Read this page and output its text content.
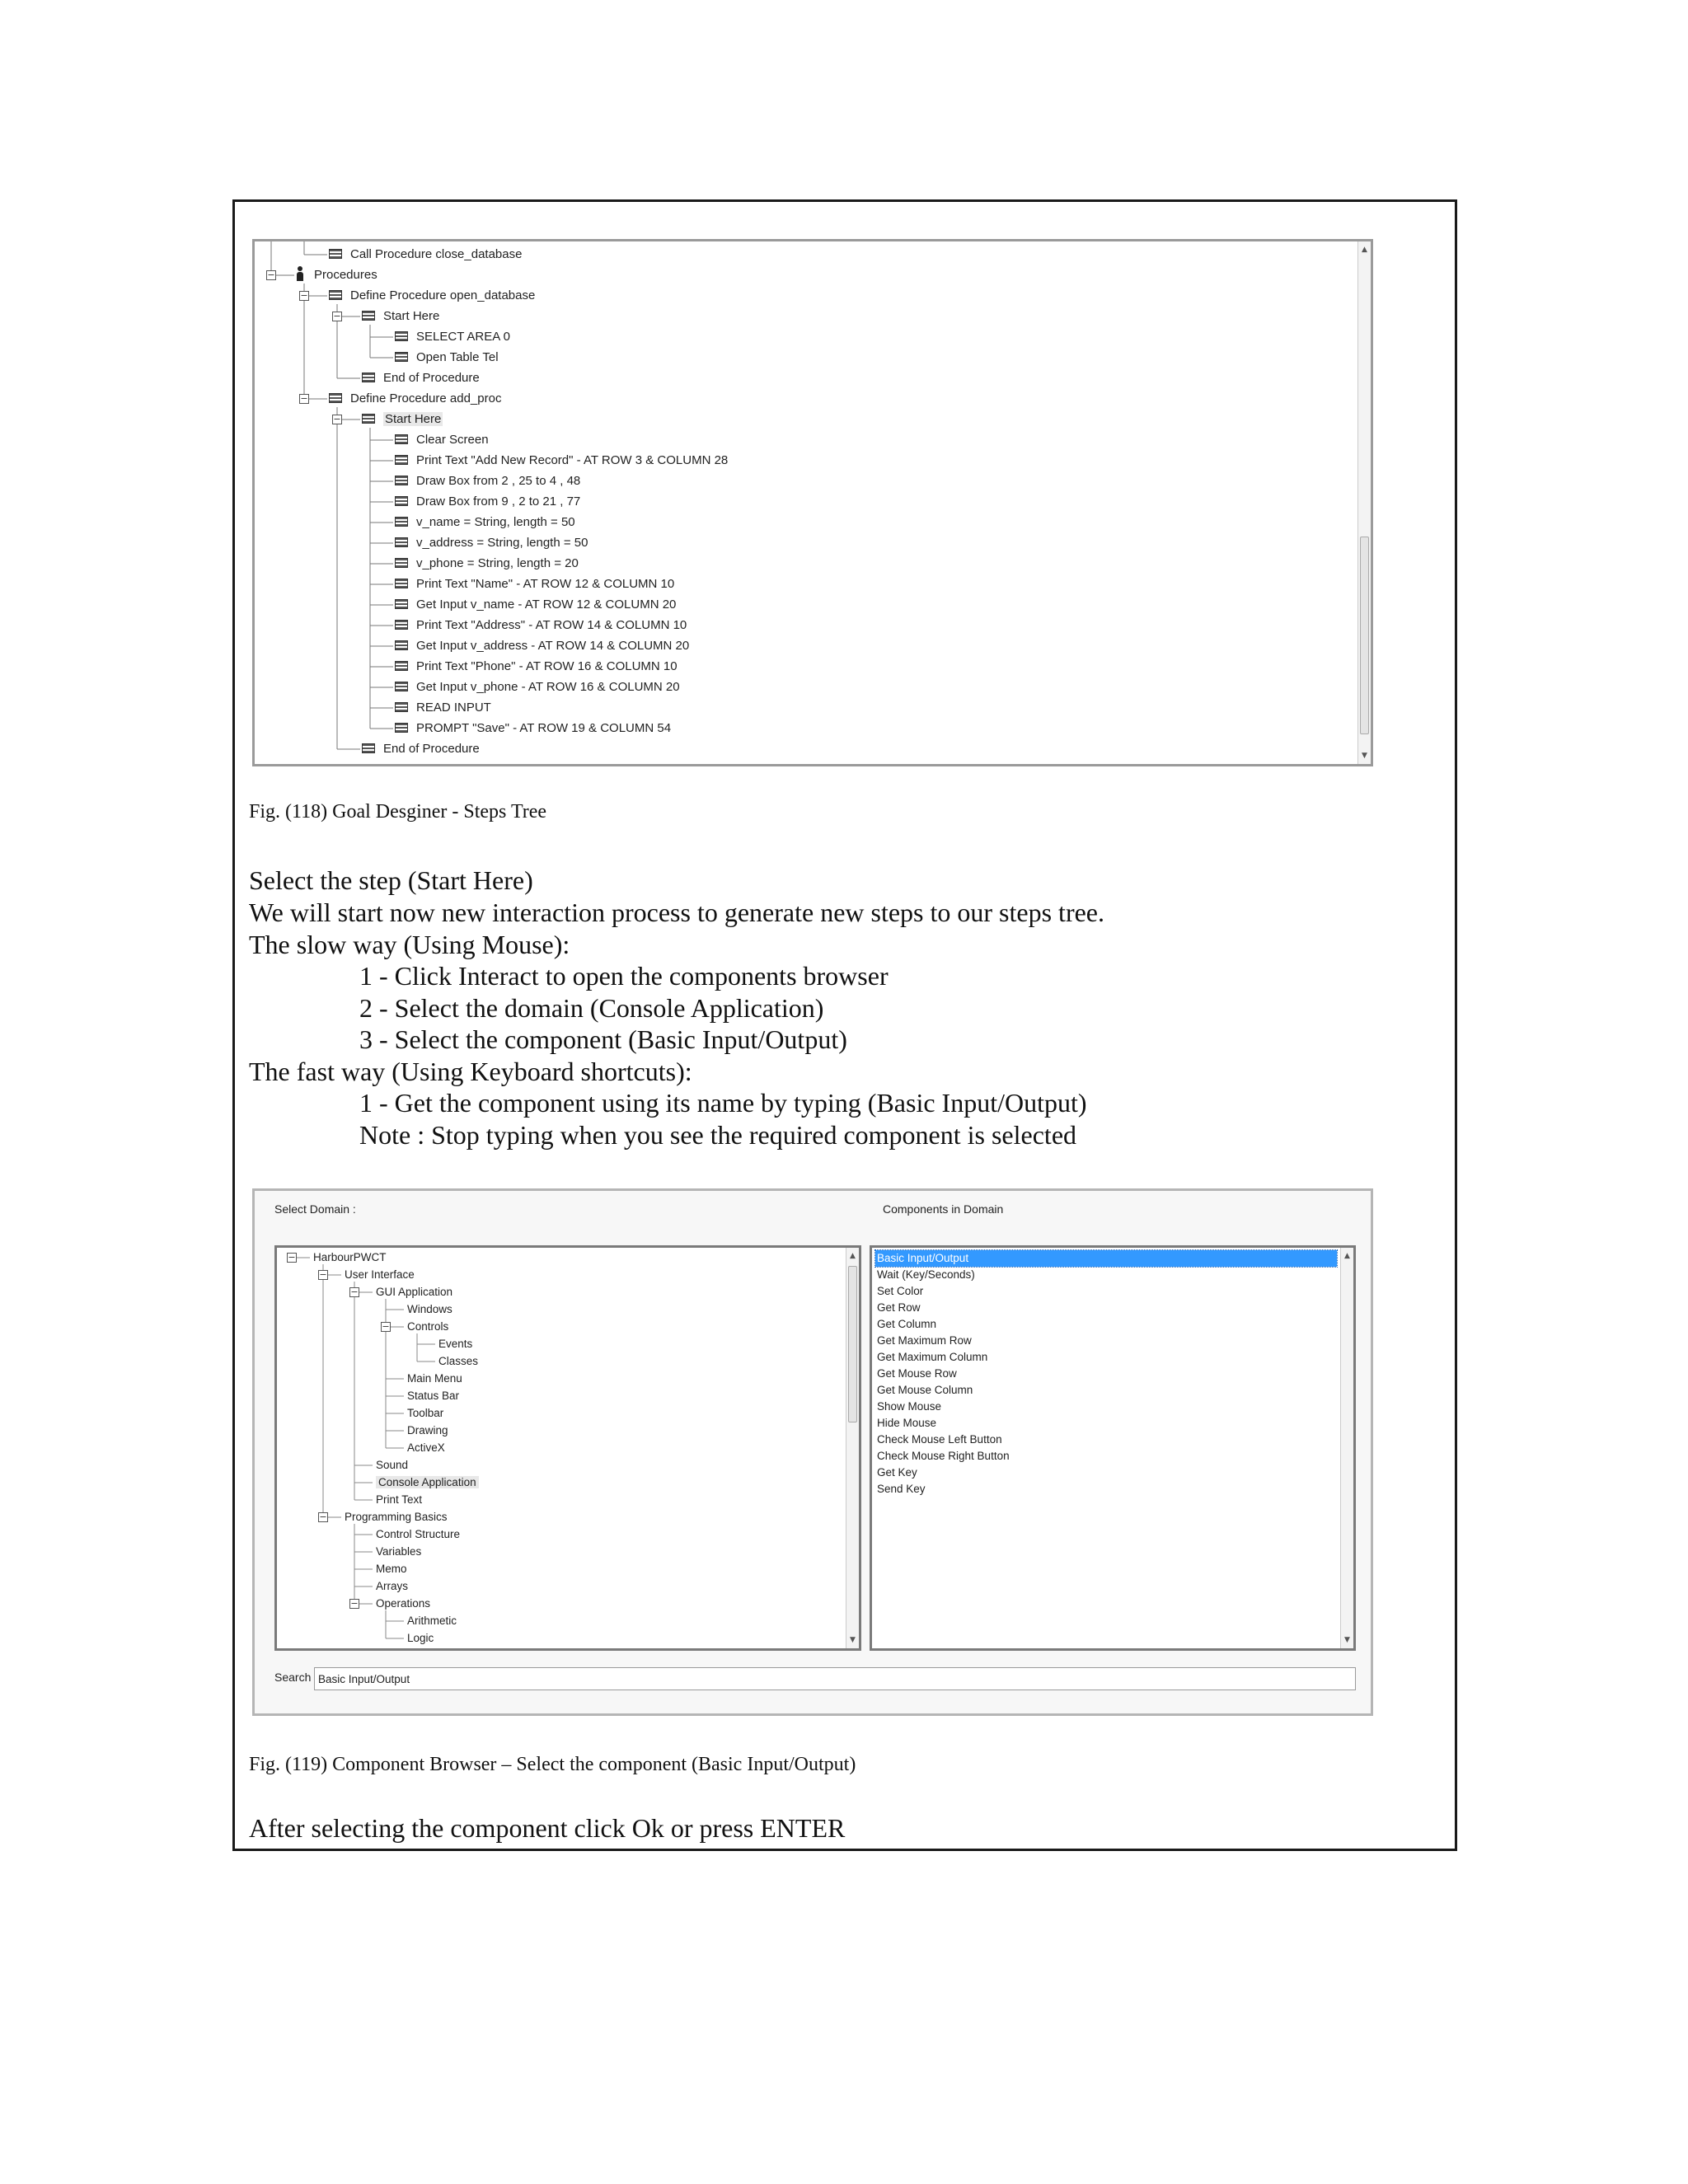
Call Procedure close_database
−	Procedures
−	Define Procedure open_database
−	Start Here
SELECT AREA 0
Open Table Tel
End of Procedure
−	Define Procedure add_proc
−	Start Here
Clear Screen
Print Text "Add New Record" - AT ROW 3 & COLUMN 28
Draw Box from 2 , 25 to 4 , 48
Draw Box from 9 , 2 to 21 , 77
v_name = String, length = 50
v_address = String, length = 50
v_phone = String, length = 20
Print Text "Name" - AT ROW 12 & COLUMN 10
Get Input v_name - AT ROW 12 & COLUMN 20
Print Text "Address" - AT ROW 14 & COLUMN 10
Get Input v_address - AT ROW 14 & COLUMN 20
Print Text "Phone" - AT ROW 16 & COLUMN 10
Get Input v_phone - AT ROW 16 & COLUMN 20
READ INPUT
PROMPT "Save" - AT ROW 19 & COLUMN 54
End of Procedure
▲
▼
Fig. (118) Goal Desginer - Steps Tree
Select the step (Start Here)
We will start now new interaction process to generate new steps to our steps tree.
The slow way (Using Mouse):
1 - Click Interact to open the components browser
2 - Select the domain (Console Application)
3 - Select the component (Basic Input/Output)
The fast way (Using Keyboard shortcuts):
1 - Get the component using its name by typing (Basic Input/Output)
Note : Stop typing when you see the required component is selected
Select Domain :	Components in Domain
− HarbourPWCT
− User Interface
− GUI Application
Windows
− Controls
Events
Classes
Main Menu
Status Bar
Toolbar
Drawing
ActiveX
Sound
Console Application
Print Text
− Programming Basics
Control Structure
Variables
Memo
Arrays
− Operations
Arithmetic
Logic
▲
▼
Basic Input/Output
Wait (Key/Seconds)
Set Color
Get Row
Get Column
Get Maximum Row
Get Maximum Column
Get Mouse Row
Get Mouse Column
Show Mouse
Hide Mouse
Check Mouse Left Button
Check Mouse Right Button
Get Key
Send Key
▲
▼
Search
Basic Input/Output
Fig. (119) Component Browser – Select the component (Basic Input/Output)
After selecting the component click Ok or press ENTER
